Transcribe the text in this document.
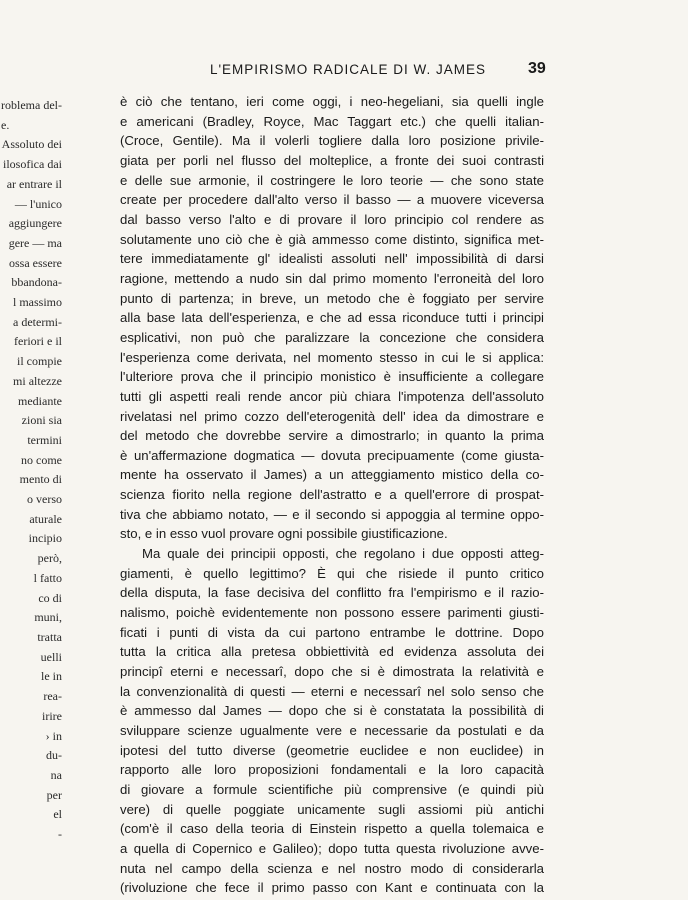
roblema del-
e.
Assoluto dei
ilosofica dai
ar entrare il
— l'unico
aggiungere
gere — ma
ossa essere
bbandona-
l massimo
a determi-
feriori e il
il compie
mi altezze
mediante
zioni sia
termini
no come
mento di
o verso
aturale
incipio
però,
l fatto
co di
muni,
tratta
uelli
le in
rea-
irire
› in
du-
na
per
el
-
L'EMPIRISMO RADICALE DI W. JAMES	39
è ciò che tentano, ieri come oggi, i neo-hegeliani, sia quelli ingle
e americani (Bradley, Royce, Mac Taggart etc.) che quelli italian-
(Croce, Gentile). Ma il volerli togliere dalla loro posizione privile-
giata per porli nel flusso del molteplice, a fronte dei suoi contrasti
e delle sue armonie, il costringere le loro teorie — che sono state
create per procedere dall'alto verso il basso — a muovere viceversa
dal basso verso l'alto e di provare il loro principio col rendere as
solutamente uno ciò che è già ammesso come distinto, significa met-
tere immediatamente gl' idealisti assoluti nell' impossibilità di darsi
ragione, mettendo a nudo sin dal primo momento l'erroneità del loro
punto di partenza; in breve, un metodo che è foggiato per servire
alla base lata dell'esperienza, e che ad essa riconduce tutti i principi
esplicativi, non può che paralizzare la concezione che considera
l'esperienza come derivata, nel momento stesso in cui le si applica:
l'ulteriore prova che il principio monistico è insufficiente a collegare
tutti gli aspetti reali rende ancor più chiara l'impotenza dell'assoluto
rivelatasi nel primo cozzo dell'eterogenità dell' idea da dimostrare e
del metodo che dovrebbe servire a dimostrarlo; in quanto la prima
è un'affermazione dogmatica — dovuta precipuamente (come giusta-
mente ha osservato il James) a un atteggiamento mistico della co-
scienza fiorito nella regione dell'astratto e a quell'errore di prospat-
tiva che abbiamo notato, — e il secondo si appoggia al termine oppo-
sto, e in esso vuol provare ogni possibile giustificazione.
Ma quale dei principii opposti, che regolano i due opposti atteg-
giamenti, è quello legittimo? È qui che risiede il punto critico
della disputa, la fase decisiva del conflitto fra l'empirismo e il razio-
nalismo, poichè evidentemente non possono essere parimenti giusti-
ficati i punti di vista da cui partono entrambe le dottrine. Dopo
tutta la critica alla pretesa obbiettività ed evidenza assoluta dei
principî eterni e necessarî, dopo che si è dimostrata la relatività e
la convenzionalità di questi — eterni e necessarî nel solo senso che
è ammesso dal James — dopo che si è constatata la possibilità di
sviluppare scienze ugualmente vere e necessarie da postulati e da
ipotesi del tutto diverse (geometrie euclidee e non euclidee) in
rapporto alle loro proposizioni fondamentali e la loro capacità
di giovare a formule scientifiche più comprensive (e quindi più
vere) di quelle poggiate unicamente sugli assiomi più antichi
(com'è il caso della teoria di Einstein rispetto a quella tolemaica e
a quella di Copernico e Galileo); dopo tutta questa rivoluzione avve-
nuta nel campo della scienza e nel nostro modo di considerarla
(rivoluzione che fece il primo passo con Kant e continuata con la
